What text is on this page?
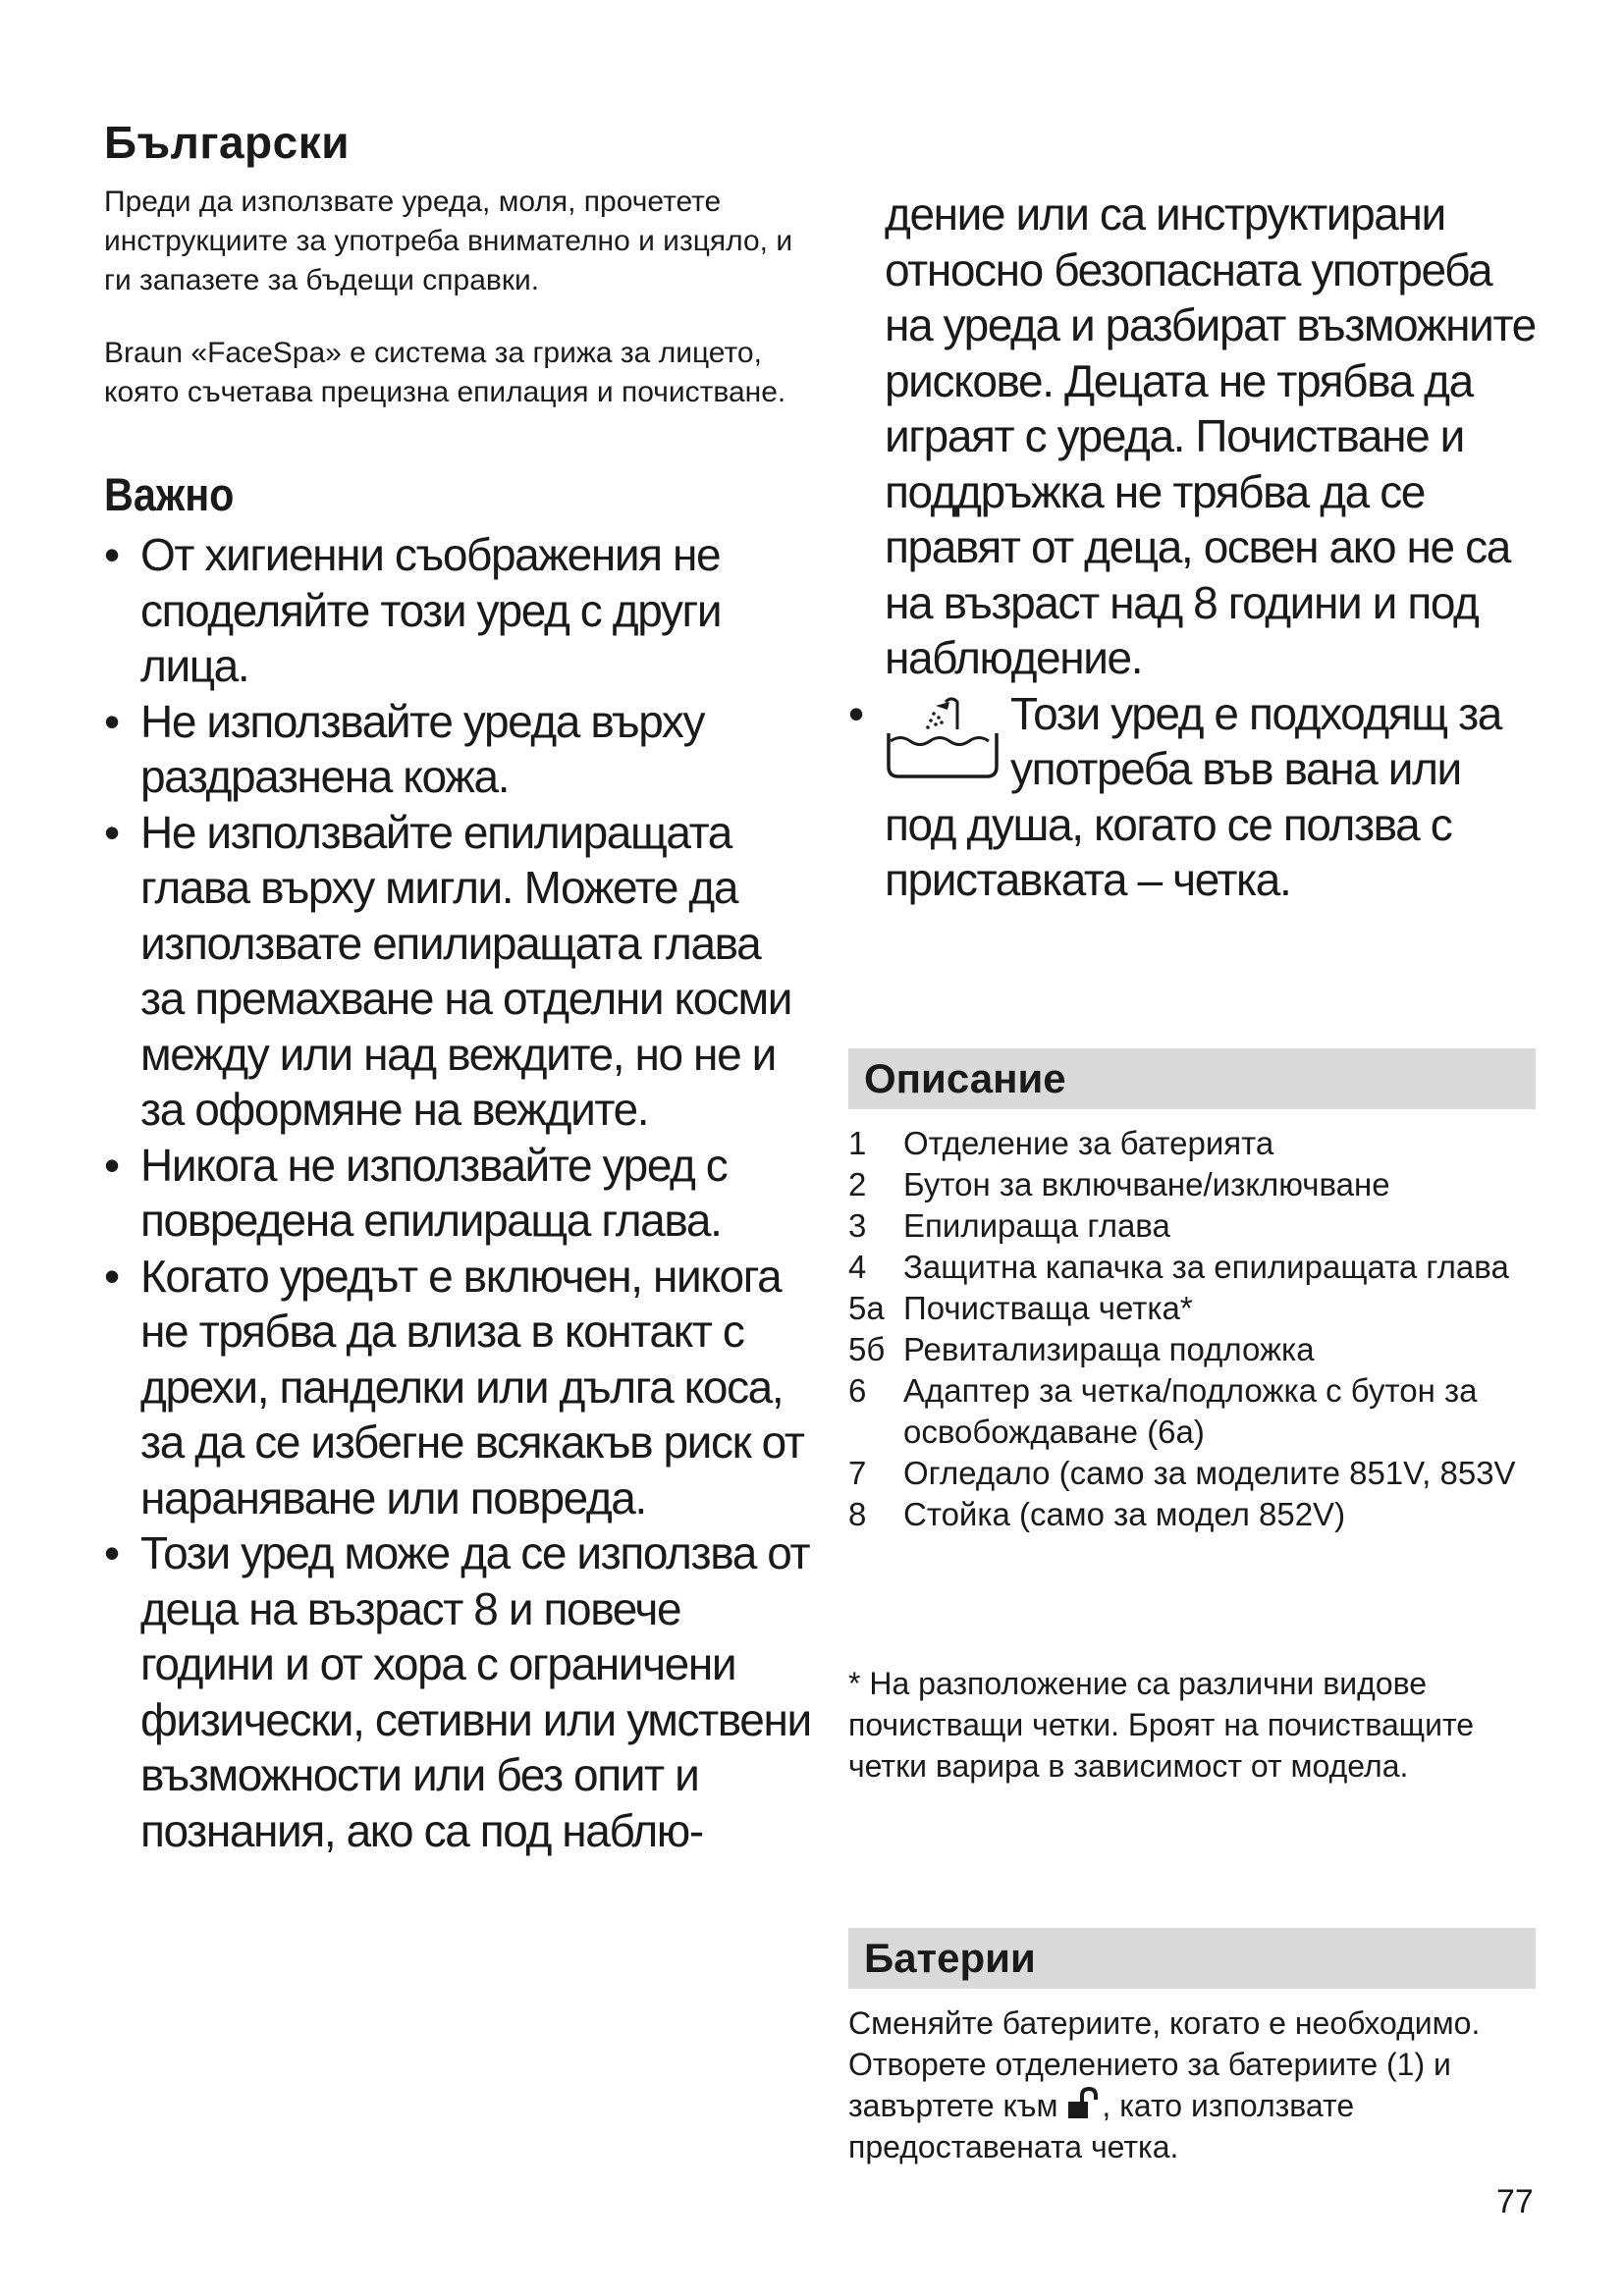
Български

Преди да използвате уреда, моля, прочетете инструкциите за употреба внимателно и изцяло, и ги запазете за бъдещи справки.

Braun «FaceSpa» е система за грижа за лицето, която съчетава прецизна епилация и почистване.

Важно
• От хигиенни съображения не споделяйте този уред с други лица.
• Не използвайте уреда върху раздразнена кожа.
• Не използвайте епилиращата глава върху мигли. Можете да използвате епилиращата глава за премахване на отделни косми между или над веждите, но не и за оформяне на веждите.
• Никога не използвайте уред с повредена епилираща глава.
• Когато уредът е включен, никога не трябва да влиза в контакт с дрехи, панделки или дълга коса, за да се избегне всякакъв риск от нараняване или повреда.
• Този уред може да се използва от деца на възраст 8 и повече години и от хора с ограничени физически, сетивни или умствени възможности или без опит и познания, ако са под наблю-

дение или са инструктирани относно безопасната употреба на уреда и разбират възможните рискове. Децата не трябва да играят с уреда. Почистване и поддръжка не трябва да се правят от деца, освен ако не са на възраст над 8 години и под наблюдение.

•	Този уред е подходящ за употреба във вана или под душа, когато се ползва с приставката – четка.
Описание
1 Отделение за батерията
2 Бутон за включване/изключване
3 Епилираща глава
4 Защитна капачка за епилиращата глава
5a Почистваща четка*
5б Ревитализираща подложка
6 Адаптер за четка/подложка с бутон за освобождаване (6a)
7 Огледало (само за моделите 851V, 853V
8 Стойка (само за модел 852V)

* На разположение са различни видове почистващи четки. Броят на почистващите четки варира в зависимост от модела.

Батерии

Сменяйте батериите, когато е необходимо. Отворете отделението за батериите (1) и завъртете към , като използвате предоставената четка.

77
